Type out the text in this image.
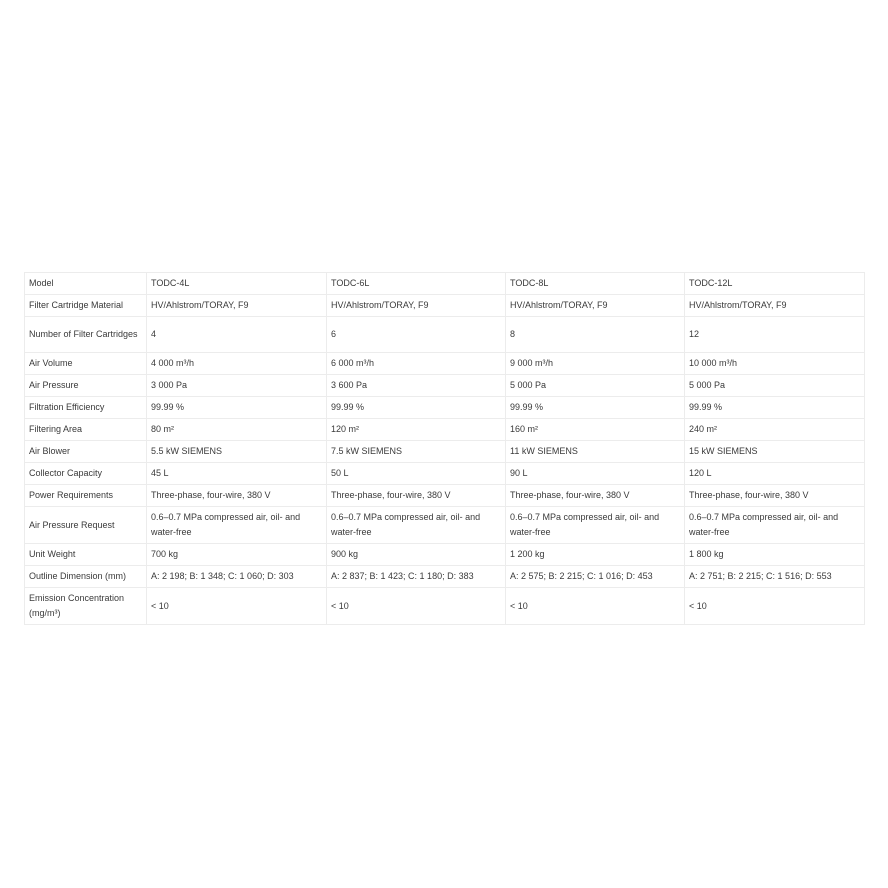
Model	TODC-4L	TODC-6L	TODC-8L	TODC-12L
Filter Cartridge Material	HV/Ahlstrom/TORAY, F9	HV/Ahlstrom/TORAY, F9	HV/Ahlstrom/TORAY, F9	HV/Ahlstrom/TORAY, F9
Number of Filter Cartridges	4	6	8	12
Air Volume	4 000 m³/h	6 000 m³/h	9 000 m³/h	10 000 m³/h
Air Pressure	3 000 Pa	3 600 Pa	5 000 Pa	5 000 Pa
Filtration Efficiency	99.99 %	99.99 %	99.99 %	99.99 %
Filtering Area	80 m²	120 m²	160 m²	240 m²
Air Blower	5.5 kW SIEMENS	7.5 kW SIEMENS	11 kW SIEMENS	15 kW SIEMENS
Collector Capacity	45 L	50 L	90 L	120 L
Power Requirements	Three-phase, four-wire, 380 V	Three-phase, four-wire, 380 V	Three-phase, four-wire, 380 V	Three-phase, four-wire, 380 V
Air Pressure Request	0.6–0.7 MPa compressed air, oil- and water-free	0.6–0.7 MPa compressed air, oil- and water-free	0.6–0.7 MPa compressed air, oil- and water-free	0.6–0.7 MPa compressed air, oil- and water-free
Unit Weight	700 kg	900 kg	1 200 kg	1 800 kg
Outline Dimension (mm)	A: 2 198; B: 1 348; C: 1 060; D: 303	A: 2 837; B: 1 423; C: 1 180; D: 383	A: 2 575; B: 2 215; C: 1 016; D: 453	A: 2 751; B: 2 215; C: 1 516; D: 553
Emission Concentration (mg/m³)	< 10	< 10	< 10	< 10
